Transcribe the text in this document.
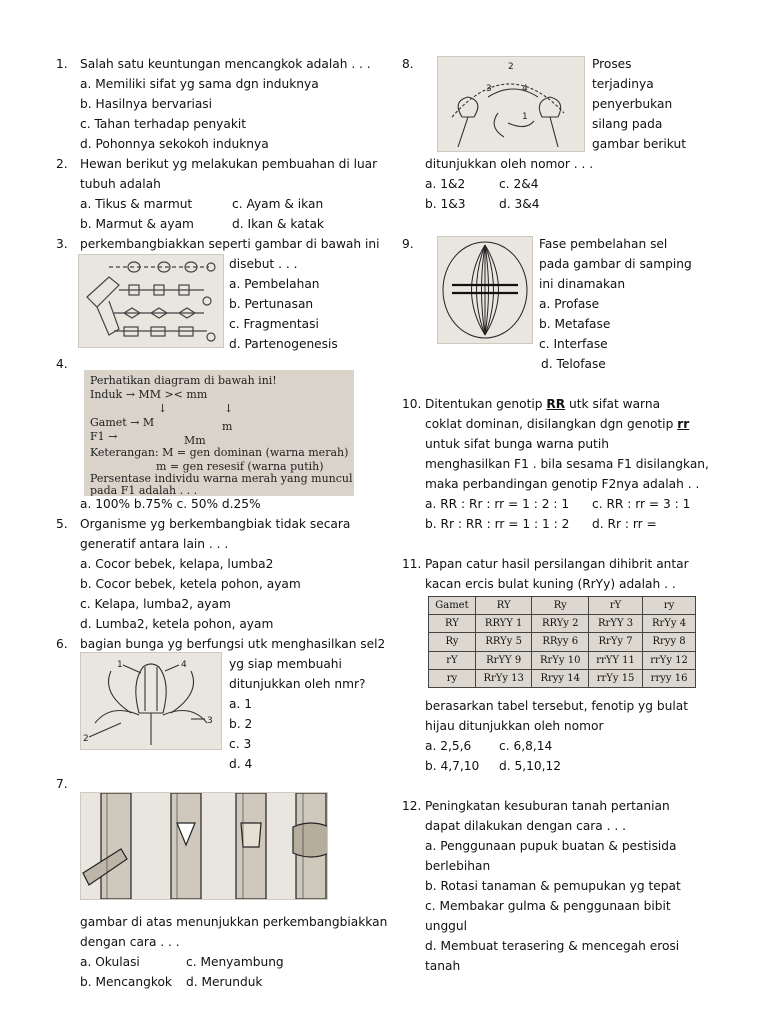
1. Salah satu keuntungan mencangkok adalah . . .
a. Memiliki sifat yg sama dgn induknya
b. Hasilnya bervariasi
c. Tahan terhadap penyakit
d. Pohonnya sekokoh induknya
2. Hewan berikut yg melakukan pembuahan di luar
tubuh adalah
a. Tikus & marmut	c. Ayam & ikan
b. Marmut & ayam	d. Ikan & katak
3. perkembangbiakkan seperti gambar di bawah ini
disebut . . .
a. Pembelahan
b. Pertunasan
c. Fragmentasi
d. Partenogenesis
4.
Perhatikan diagram di bawah ini!
Induk → MM >< mm
↓	↓
Gamet → M	m
F1 →	Mm
Keterangan: M = gen dominan (warna merah)
m = gen resesif (warna putih)
Persentase individu warna merah yang muncul
pada F1 adalah . . .
a. 100% b.75% c. 50% d.25%
5. Organisme yg berkembangbiak tidak secara
generatif antara lain . . .
a. Cocor bebek, kelapa, lumba2
b. Cocor bebek, ketela pohon, ayam
c. Kelapa, lumba2, ayam
d. Lumba2, ketela pohon, ayam
6. bagian bunga yg berfungsi utk menghasilkan sel2
1	4
3
2
yg siap membuahi
ditunjukkan oleh nmr?
a. 1
b. 2
c. 3
d. 4
7.
gambar di atas menunjukkan perkembangbiakkan
dengan cara . . .
a. Okulasi	c. Menyambung
b. Mencangkok d. Merunduk
8.	2
3	4
1
Proses
terjadinya
penyerbukan
silang pada
gambar berikut
ditunjukkan oleh nomor . . .
a. 1&2	c. 2&4
b. 1&3	d. 3&4
9.	Fase pembelahan sel
pada gambar di samping
ini dinamakan
a. Profase
b. Metafase
c. Interfase
d. Telofase
10. Ditentukan genotip RR utk sifat warna
coklat dominan, disilangkan dgn genotip rr
untuk sifat bunga warna putih
menghasilkan F1 . bila sesama F1 disilangkan,
maka perbandingan genotip F2nya adalah . .
a. RR : Rr : rr = 1 : 2 : 1 c. RR : rr = 3 : 1
b. Rr : RR : rr = 1 : 1 : 2 d. Rr : rr =
11. Papan catur hasil persilangan dihibrit antar
kacan ercis bulat kuning (RrYy) adalah . .
Gamet	RY	Ry	rY	ry
RY	RRYY 1	RRYy 2	RrYY 3	RrYy 4
Ry	RRYy 5	RRyy 6	RrYy 7	Rryy 8
rY	RrYY 9	RrYy 10	rrYY 11	rrYy 12
ry	RrYy 13	Rryy 14	rrYy 15	rryy 16
berasarkan tabel tersebut, fenotip yg bulat
hijau ditunjukkan oleh nomor
a. 2,5,6 c. 6,8,14
b. 4,7,10 d. 5,10,12
12. Peningkatan kesuburan tanah pertanian
dapat dilakukan dengan cara . . .
a. Penggunaan pupuk buatan & pestisida
berlebihan
b. Rotasi tanaman & pemupukan yg tepat
c. Membakar gulma & penggunaan bibit
unggul
d. Membuat terasering & mencegah erosi
tanah
